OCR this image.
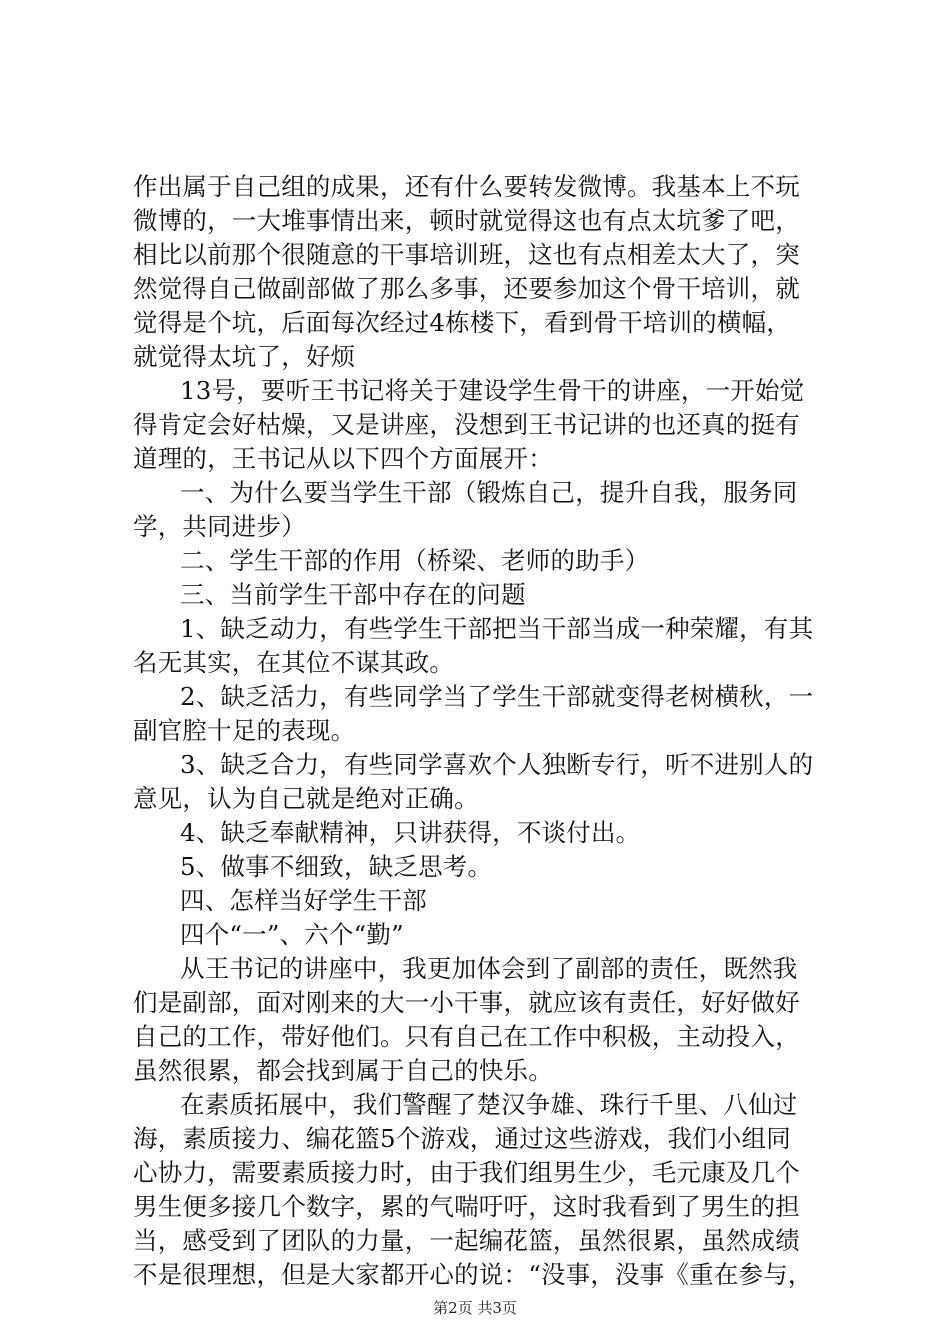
作出属于自己组的成果，还有什么要转发微博。我基本上不玩
微博的，一大堆事情出来，顿时就觉得这也有点太坑爹了吧，
相比以前那个很随意的干事培训班，这也有点相差太大了，突
然觉得自己做副部做了那么多事，还要参加这个骨干培训，就
觉得是个坑，后面每次经过4栋楼下，看到骨干培训的横幅，
就觉得太坑了，好烦
13号，要听王书记将关于建设学生骨干的讲座，一开始觉
得肯定会好枯燥，又是讲座，没想到王书记讲的也还真的挺有
道理的，王书记从以下四个方面展开：
一、为什么要当学生干部（锻炼自己，提升自我，服务同
学，共同进步）
二、学生干部的作用（桥梁、老师的助手）
三、当前学生干部中存在的问题
1、缺乏动力，有些学生干部把当干部当成一种荣耀，有其
名无其实，在其位不谋其政。
2、缺乏活力，有些同学当了学生干部就变得老树横秋，一
副官腔十足的表现。
3、缺乏合力，有些同学喜欢个人独断专行，听不进别人的
意见，认为自己就是绝对正确。
4、缺乏奉献精神，只讲获得，不谈付出。
5、做事不细致，缺乏思考。
四、怎样当好学生干部
四个“一”、六个“勤”
从王书记的讲座中，我更加体会到了副部的责任，既然我
们是副部，面对刚来的大一小干事，就应该有责任，好好做好
自己的工作，带好他们。只有自己在工作中积极，主动投入，
虽然很累，都会找到属于自己的快乐。
在素质拓展中，我们警醒了楚汉争雄、珠行千里、八仙过
海，素质接力、编花篮5个游戏，通过这些游戏，我们小组同
心协力，需要素质接力时，由于我们组男生少，毛元康及几个
男生便多接几个数字，累的气喘吁吁，这时我看到了男生的担
当，感受到了团队的力量，一起编花篮，虽然很累，虽然成绩
不是很理想，但是大家都开心的说：“没事，没事《重在参与，
第2页 共3页
